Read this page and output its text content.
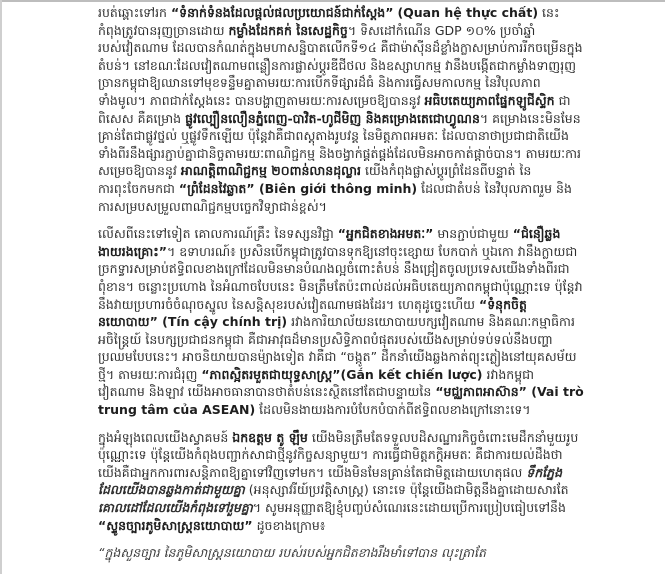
របត់ឆ្ពោះទៅរក “ទំនាក់ទំនងដែលផ្ដល់ផលប្រយោជន៍ជាក់ស្ដែង” (Quan hệ thực chất) នេះ កំពុងត្រូវបានរុញច្រានដោយ កម្លាំងដែកគក់ នៃសេដ្ឋកិច្ច។ ទិសដៅកំណើន GDP ១០% ប្រចាំឆ្នាំរបស់វៀតណាម ដែលបានកំណត់ក្នុងមហាសន្និបាតលើកទី១៤ គឺជាម៉ាស៊ីនដ៏ខ្លាំងក្លាសម្រាប់ការរីកចម្រើនក្នុងតំបន់។ នៅខណៈដែលវៀតណាមពន្លឿនការផ្លាស់ប្ដូរឌីជីថល និងឧស្សាហកម្ម វានឹងបង្កើតជាកម្លាំងទាញរុញច្រានកម្ពុជាឱ្យឈានទៅមុខទន្ទឹមគ្នាតាមរយៈការបើកទីផ្សារដ៏ធំ និងការធ្វើសមកាលកម្ម នៃវិបុលភាពទាំងមូល។ ភាពជាក់ស្ដែងនេះ បានបង្ហាញតាមរយៈការសម្រេចឱ្យបាននូវ អធិបតេយ្យភាពផ្នែកឡូជីស្ទិក ជាពិសេស គឺគម្រោង ផ្លូវល្បឿនលឿនភ្នំពេញ-បាវិត-ហូជីមិញ និងគម្រោងតេជោហ្វូណន។ គម្រោងនេះមិនមែនគ្រាន់តែជាផ្លូវថ្នល់ ឬផ្លូវទឹកឡើយ ប៉ុន្តែវាគឺជាពស្ដុតាងរូបវន្ត នៃមិត្តភាពអមតៈ ដែលបានាថាប្រជាជាតិយើងទាំងពីរនឹងផ្សារភ្ជាប់គ្នាជានិច្ចតាមរយៈពាណិជ្ជកម្ម និងចង្វាក់ផ្គត់ផ្គង់ដែលមិនអាចកាត់ផ្ដាច់បាន។ តាមរយៈការសម្រេចឱ្យបាននូវ អាណត្តិពាណិជ្ជកម្ម ២០ពាន់លានដុល្លារ យើងកំពុងផ្លាស់ប្ដូរព្រំដែនពីបន្ទាត់ នៃការពុះចែកមកជា “ព្រំដែនវៃឆ្លាត” (Biên giới thông minh) ដែលជាតំបន់ នៃវិបុលភាពរួម និងការសម្របសម្រួលពាណិជ្ជកម្មបច្ចេកវិទ្យាជាន់ខ្ពស់។

លើសពីនេះទៅទៀត គោលការណ៍គ្រឹះ នៃទស្សនវិជ្ជា “អ្នកជិតខាងអមតៈ” មានភ្ជាប់ជាមួយ “ជំនឿឆ្លងងាយរងគ្រោះ”។ ឧទាហរណ៍៖ ប្រសិនបើកម្ពុជាត្រូវបានទុកឱ្យនៅចុះខ្សោយ បែកបាក់ ឬឯកោ វានឹងក្លាយជាច្រកទ្វារសម្រាប់ឥទ្ធិពលខាងក្រៅដែលមិនមានបំណងល្អចំពោះតំបន់ នឹងជ្រៀតចូលប្រទេសយើងទាំងពីរជាពុំខាន។ ចន្លោះប្រហោង នៃអំណាចបែបនេះ មិនត្រឹមតែប៉ះពាល់ដល់អធិបតេយ្យភាពកម្ពុជាប៉ុណ្ណោះទេ ប៉ុន្តែវានឹងវាយប្រហារចំចំណុចស្នូល នៃសន្តិសុខរបស់វៀតណាមផងដែរ។ ហេតុដូច្នេះហើយ “ទំនុកចិត្តនយោបាយ” (Tín cậy chính trị) រវាងការិយាល័យនយោបាយបក្សវៀតណាម និងគណៈកម្មាធិការអចិន្ត្រៃយ៍ នៃបក្សប្រជាជនកម្ពុជា គឺជាអាវុធដ៏មានប្រសិទ្ធិភាពបំផុតរបស់យើងសម្រាប់ទប់ទល់នឹងបញ្ហាប្រឈមបែបនេះ។ អាចនិយាយបានម៉្យាងទៀត វាគឺជា “ចង្កូត” ដឹកនាំយើងឆ្លងកាត់ព្យុះភ្លៀងនៅយុគសម័យថ្មី។ តាមរយៈការជំរុញ “ភាពស្អិតរមួតជាយុទ្ធសាស្ត្រ”(Gắn kết chiến lược) រវាងកម្ពុជា វៀតណាម និងឡាវ យើងអាចធានាបានថាតំបន់នេះស្ថិតនៅតែជាបន្ទាយនៃ “មជ្ឈភាពអាស៊ាន” (Vai trò trung tâm của ASEAN) ដែលមិនងាយរងការបំបែកបំបាក់ពីឥទ្ធិពលខាងក្រៅនោះទេ។

ក្នុងអំឡុងពេលយើងស្វាគមន៍ ឯកឧត្ដម តូ ឡឹម យើងមិនត្រឹមតែទទួលបដិសណ្ឋារកិច្ចចំពោះមេដឹកនាំមួយរូបប៉ុណ្ណោះទេ ប៉ុន្តែយើងកំពុងបញ្ជាក់សាជាថ្មីនូវកិច្ចសន្យាមួយ។ ការធ្វើជាមិត្តភក្ដិអមតៈ គឺជាការយល់ដឹងថា យើងគឺជាអ្នកការពារសន្តិភាពឱ្យគ្នាទៅវិញទៅមក។ យើងមិនមែនគ្រាន់តែជាមិត្តដោយហេតុផល ទឹកភ្នែងដែលយើងបានឆ្លងកាត់ជាមួយគ្នា (អនុស្សាវរីយ៍ប្រវត្តិសាស្ត្រ) នោះទេ ប៉ុន្តែយើងជាមិត្តនឹងគ្នាដោយសារតែ គោលដៅដែលយើងកំពុងទៅរួមគ្នា។ សូមអនុញ្ញាតឱ្យខ្ញុំបញ្ចប់សំណេរនេះដោយប្រើការប្រៀបធៀបទៅនឹង “ស្ទូនច្បារភូមិសាស្ត្រនយោបាយ” ដូចខាងក្រោម៖

“ក្នុងសួនច្បារ នៃភូមិសាស្ត្រនយោបាយ របស់របស់អ្នកជិតខាងរឹងមាំទៅបាន លុះត្រាតែ
